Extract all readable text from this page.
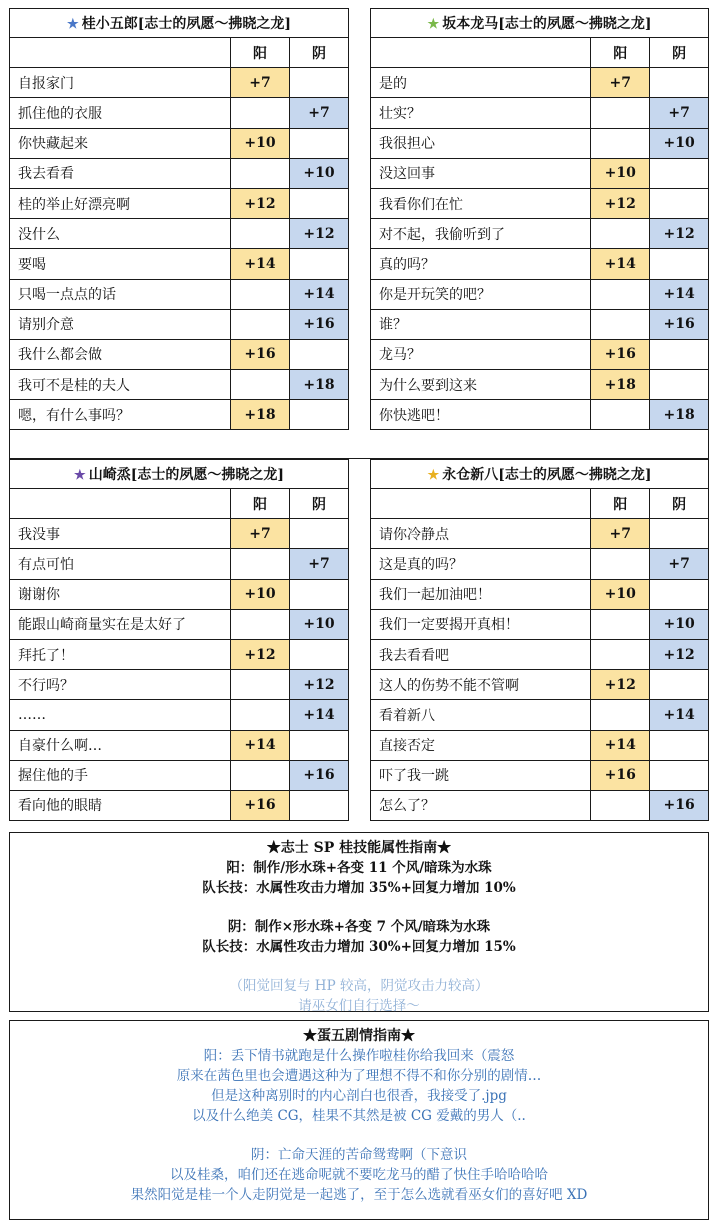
★ 桂小五郎[志士的夙愿～拂晓之龙]		
	阳	阴
自报家门	+7	
抓住他的衣服		+7
你快藏起来	+10	
我去看看		+10
桂的举止好漂亮啊	+12	
没什么		+12
要喝	+14	
只喝一点点的话		+14
请别介意		+16
我什么都会做	+16	
我可不是桂的夫人		+18
嗯，有什么事吗？	+18	
★ 坂本龙马[志士的夙愿～拂晓之龙]		
	阳	阴
是的	+7	
壮实？		+7
我很担心		+10
没这回事	+10	
我看你们在忙	+12	
对不起，我偷听到了		+12
真的吗？	+14	
你是开玩笑的吧？		+14
谁？		+16
龙马？	+16	
为什么要到这来	+18	
你快逃吧！		+18
★ 山崎烝[志士的夙愿～拂晓之龙]		
	阳	阴
我没事	+7	
有点可怕		+7
谢谢你	+10	
能跟山崎商量实在是太好了		+10
拜托了！	+12	
不行吗？		+12
……		+14
自豪什么啊…	+14	
握住他的手		+16
看向他的眼睛	+16	
★ 永仓新八[志士的夙愿～拂晓之龙]		
	阳	阴
请你冷静点	+7	
这是真的吗？		+7
我们一起加油吧！	+10	
我们一定要揭开真相！		+10
我去看看吧		+12
这人的伤势不能不管啊	+12	
看着新八		+14
直接否定	+14	
吓了我一跳	+16	
怎么了？		+16
★志士 SP 桂技能属性指南★
阳：制作/形水珠+各变 11 个风/暗珠为水珠
队长技：水属性攻击力增加 35%+回复力增加 10%
阴：制作×形水珠+各变 7 个风/暗珠为水珠
队长技：水属性攻击力增加 30%+回复力增加 15%
（阳觉回复与 HP 较高，阴觉攻击力较高）
请巫女们自行选择～
★蛋五剧情指南★
阳：丢下情书就跑是什么操作啦桂你给我回来（震怒
原来在茜色里也会遭遇这种为了理想不得不和你分别的剧情…
但是这种离别时的内心剖白也很香，我接受了.jpg
以及什么绝美 CG，桂果不其然是被 CG 爱戴的男人（..
阴：亡命天涯的苦命鸳鸯啊（下意识
以及桂桑，咱们还在逃命呢就不要吃龙马的醋了快住手哈哈哈哈
果然阳觉是桂一个人走阴觉是一起逃了，至于怎么选就看巫女们的喜好吧 XD
